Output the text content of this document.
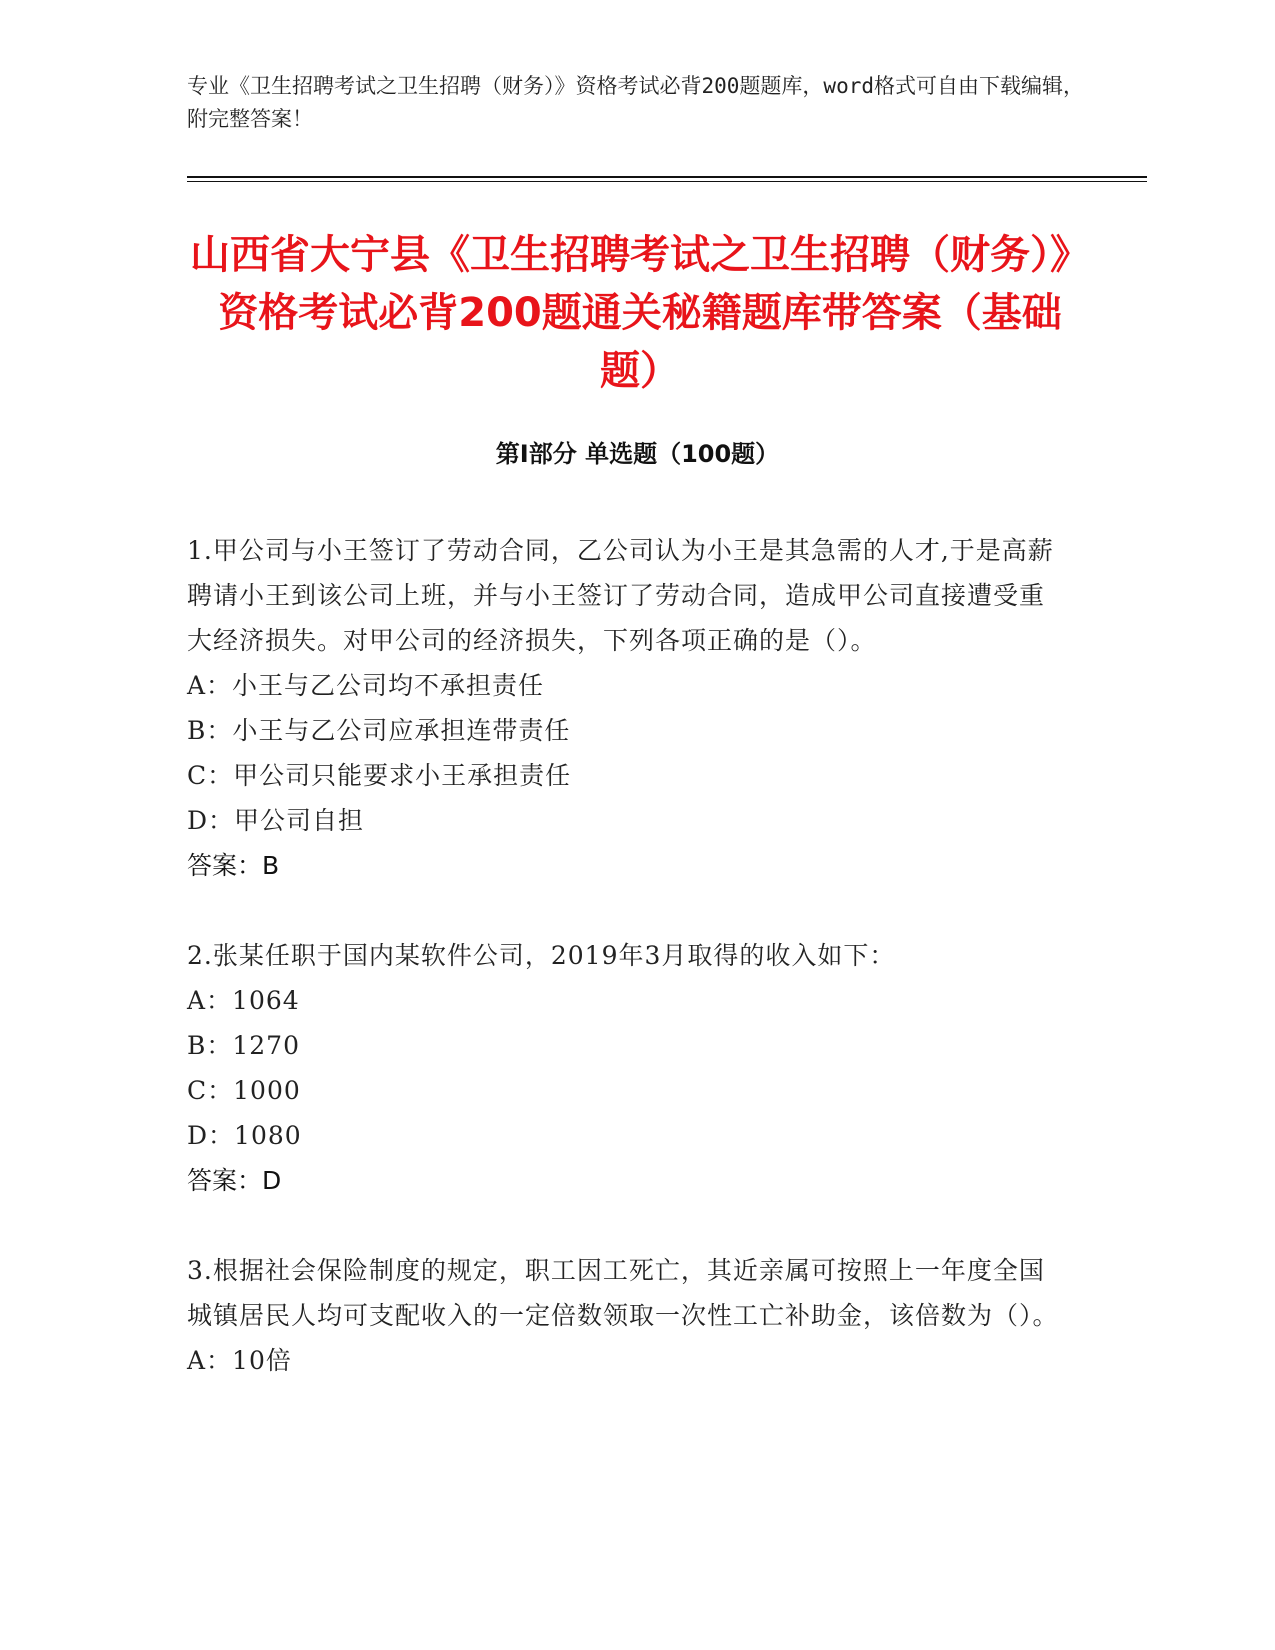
专业《卫生招聘考试之卫生招聘（财务）》资格考试必背200题题库，word格式可自由下载编辑，附完整答案！
山西省大宁县《卫生招聘考试之卫生招聘（财务）》资格考试必背200题通关秘籍题库带答案（基础题）
第Ⅰ部分 单选题（100题）

1.甲公司与小王签订了劳动合同，乙公司认为小王是其急需的人才,于是高薪聘请小王到该公司上班，并与小王签订了劳动合同，造成甲公司直接遭受重大经济损失。对甲公司的经济损失，下列各项正确的是（）。

A：小王与乙公司均不承担责任

B：小王与乙公司应承担连带责任

C：甲公司只能要求小王承担责任

D：甲公司自担

答案：B

2.张某任职于国内某软件公司，2019年3月取得的收入如下：

A：1064

B：1270

C：1000

D：1080

答案：D

3.根据社会保险制度的规定，职工因工死亡，其近亲属可按照上一年度全国城镇居民人均可支配收入的一定倍数领取一次性工亡补助金，该倍数为（）。

A：10倍
